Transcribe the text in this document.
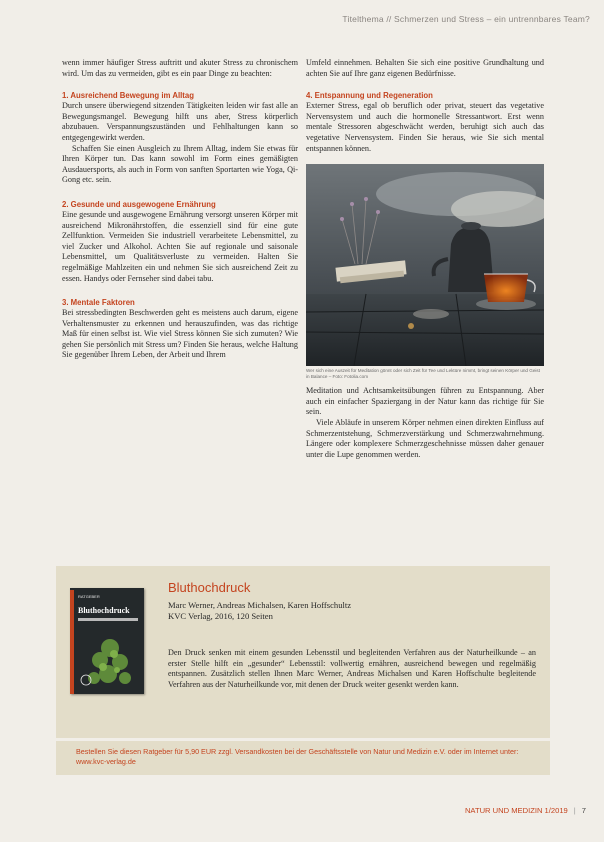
Titelthema // Schmerzen und Stress – ein untrennbares Team?

wenn immer häufiger Stress auftritt und akuter Stress zu chronischem wird. Um das zu vermeiden, gibt es ein paar Dinge zu beachten:

1. Ausreichend Bewegung im Alltag

Durch unsere überwiegend sitzenden Tätigkeiten leiden wir fast alle an Bewegungsmangel. Bewegung hilft uns aber, Stress körperlich abzubauen. Verspannungszuständen und Fehlhaltungen kann so entgegengewirkt werden.

Schaffen Sie einen Ausgleich zu Ihrem Alltag, indem Sie etwas für Ihren Körper tun. Das kann sowohl im Form eines gemäßigten Ausdauersports, als auch in Form von sanften Sportarten wie Yoga, Qi-Gong etc. sein.

2. Gesunde und ausgewogene Ernährung

Eine gesunde und ausgewogene Ernährung versorgt unseren Körper mit ausreichend Mikronährstoffen, die essenziell sind für eine gute Zellfunktion. Vermeiden Sie industriell verarbeitete Lebensmittel, zu viel Zucker und Alkohol. Achten Sie auf regionale und saisonale Lebensmittel, um Qualitätsverluste zu vermeiden. Halten Sie regelmäßige Mahlzeiten ein und nehmen Sie sich ausreichend Zeit zu essen. Handys oder Fernseher sind dabei tabu.

3. Mentale Faktoren

Bei stressbedingten Beschwerden geht es meistens auch darum, eigene Verhaltensmuster zu erkennen und herauszufinden, was das richtige Maß für einen selbst ist. Wie viel Stress können Sie sich zumuten? Wie gehen Sie persönlich mit Stress um? Finden Sie heraus, welche Haltung Sie gegenüber Ihrem Leben, der Arbeit und Ihrem

Umfeld einnehmen. Behalten Sie sich eine positive Grundhaltung und achten Sie auf Ihre ganz eigenen Bedürfnisse.

4. Entspannung und Regeneration

Externer Stress, egal ob beruflich oder privat, steuert das vegetative Nervensystem und auch die hormonelle Stressantwort. Erst wenn mentale Stressoren abgeschwächt werden, beruhigt sich auch das vegetative Nervensystem. Finden Sie heraus, wie Sie sich mental entspannen können.

Wer sich eine Auszeit für Meditation gönnt oder sich Zeit für Tee und Lektüre nimmt, bringt seinen Körper und Geist in Balance – Foto: Fotolia.com

Meditation und Achtsamkeitsübungen führen zu Entspannung. Aber auch ein einfacher Spaziergang in der Natur kann das richtige für Sie sein.

Viele Abläufe in unserem Körper nehmen einen direkten Einfluss auf Schmerzentstehung, Schmerzverstärkung und Schmerzwahrnehmung. Längere oder komplexere Schmerzgeschehnisse müssen daher genauer unter die Lupe genommen werden.

RATGEBER
Bluthochdruck
Bluthochdruck
Marc Werner, Andreas Michalsen, Karen Hoffschultz
KVC Verlag, 2016, 120 Seiten
Den Druck senken mit einem gesunden Lebensstil und begleitenden Verfahren aus der Naturheilkunde – an erster Stelle hilft ein „gesunder“ Lebensstil: vollwertig ernähren, ausreichend bewegen und regelmäßig entspannen. Zusätzlich stellen Ihnen Marc Werner, Andreas Michalsen und Karen Hoffschulte begleitende Verfahren aus der Naturheilkunde vor, mit denen der Druck weiter gesenkt werden kann.

Bestellen Sie diesen Ratgeber für 5,90 EUR zzgl. Versandkosten bei der Geschäftsstelle von Natur und Medizin e.V. oder im Internet unter: www.kvc-verlag.de

NATUR UND MEDIZIN 1/2019 | 7
